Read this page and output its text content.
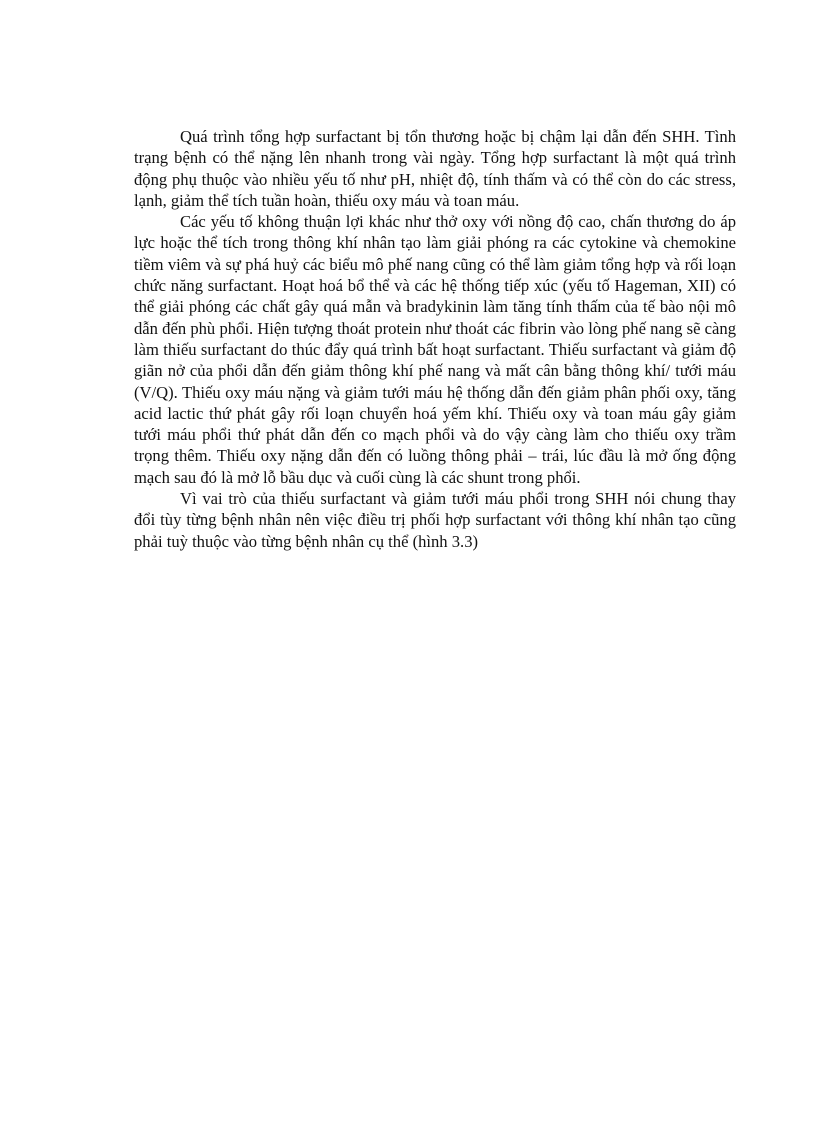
Quá trình tổng hợp surfactant bị tổn thương hoặc bị chậm lại dẫn đến SHH. Tình trạng bệnh có thể nặng lên nhanh trong vài ngày. Tổng hợp surfactant là một quá trình động phụ thuộc vào nhiều yếu tố như pH, nhiệt độ, tính thấm và có thể còn do các stress, lạnh, giảm thể tích tuần hoàn, thiếu oxy máu và toan máu.

Các yếu tố không thuận lợi khác như thở oxy với nồng độ cao, chấn thương do áp lực hoặc thể tích trong thông khí nhân tạo làm giải phóng ra các cytokine và chemokine tiềm viêm và sự phá huỷ các biểu mô phế nang cũng có thể làm giảm tổng hợp và rối loạn chức năng surfactant. Hoạt hoá bổ thể và các hệ thống tiếp xúc (yếu tố Hageman, XII) có thể giải phóng các chất gây quá mẫn và bradykinin làm tăng tính thấm của tế bào nội mô dẫn đến phù phổi. Hiện tượng thoát protein như thoát các fibrin vào lòng phế nang sẽ càng làm thiếu surfactant do thúc đẩy quá trình bất hoạt surfactant. Thiếu surfactant và giảm độ giãn nở của phổi dẫn đến giảm thông khí phế nang và mất cân bằng thông khí/ tưới máu (V/Q). Thiếu oxy máu nặng và giảm tưới máu hệ thống dẫn đến giảm phân phối oxy, tăng acid lactic thứ phát gây rối loạn chuyển hoá yếm khí. Thiếu oxy và toan máu gây giảm tưới máu phổi thứ phát dẫn đến co mạch phổi và do vậy càng làm cho thiếu oxy trầm trọng thêm. Thiếu oxy nặng dẫn đến có luồng thông phải – trái, lúc đầu là mở ống động mạch sau đó là mở lỗ bầu dục và cuối cùng là các shunt trong phổi.

Vì vai trò của thiếu surfactant và giảm tưới máu phổi trong SHH nói chung thay đổi tùy từng bệnh nhân nên việc điều trị phối hợp surfactant với thông khí nhân tạo cũng phải tuỳ thuộc vào từng bệnh nhân cụ thể (hình 3.3)
